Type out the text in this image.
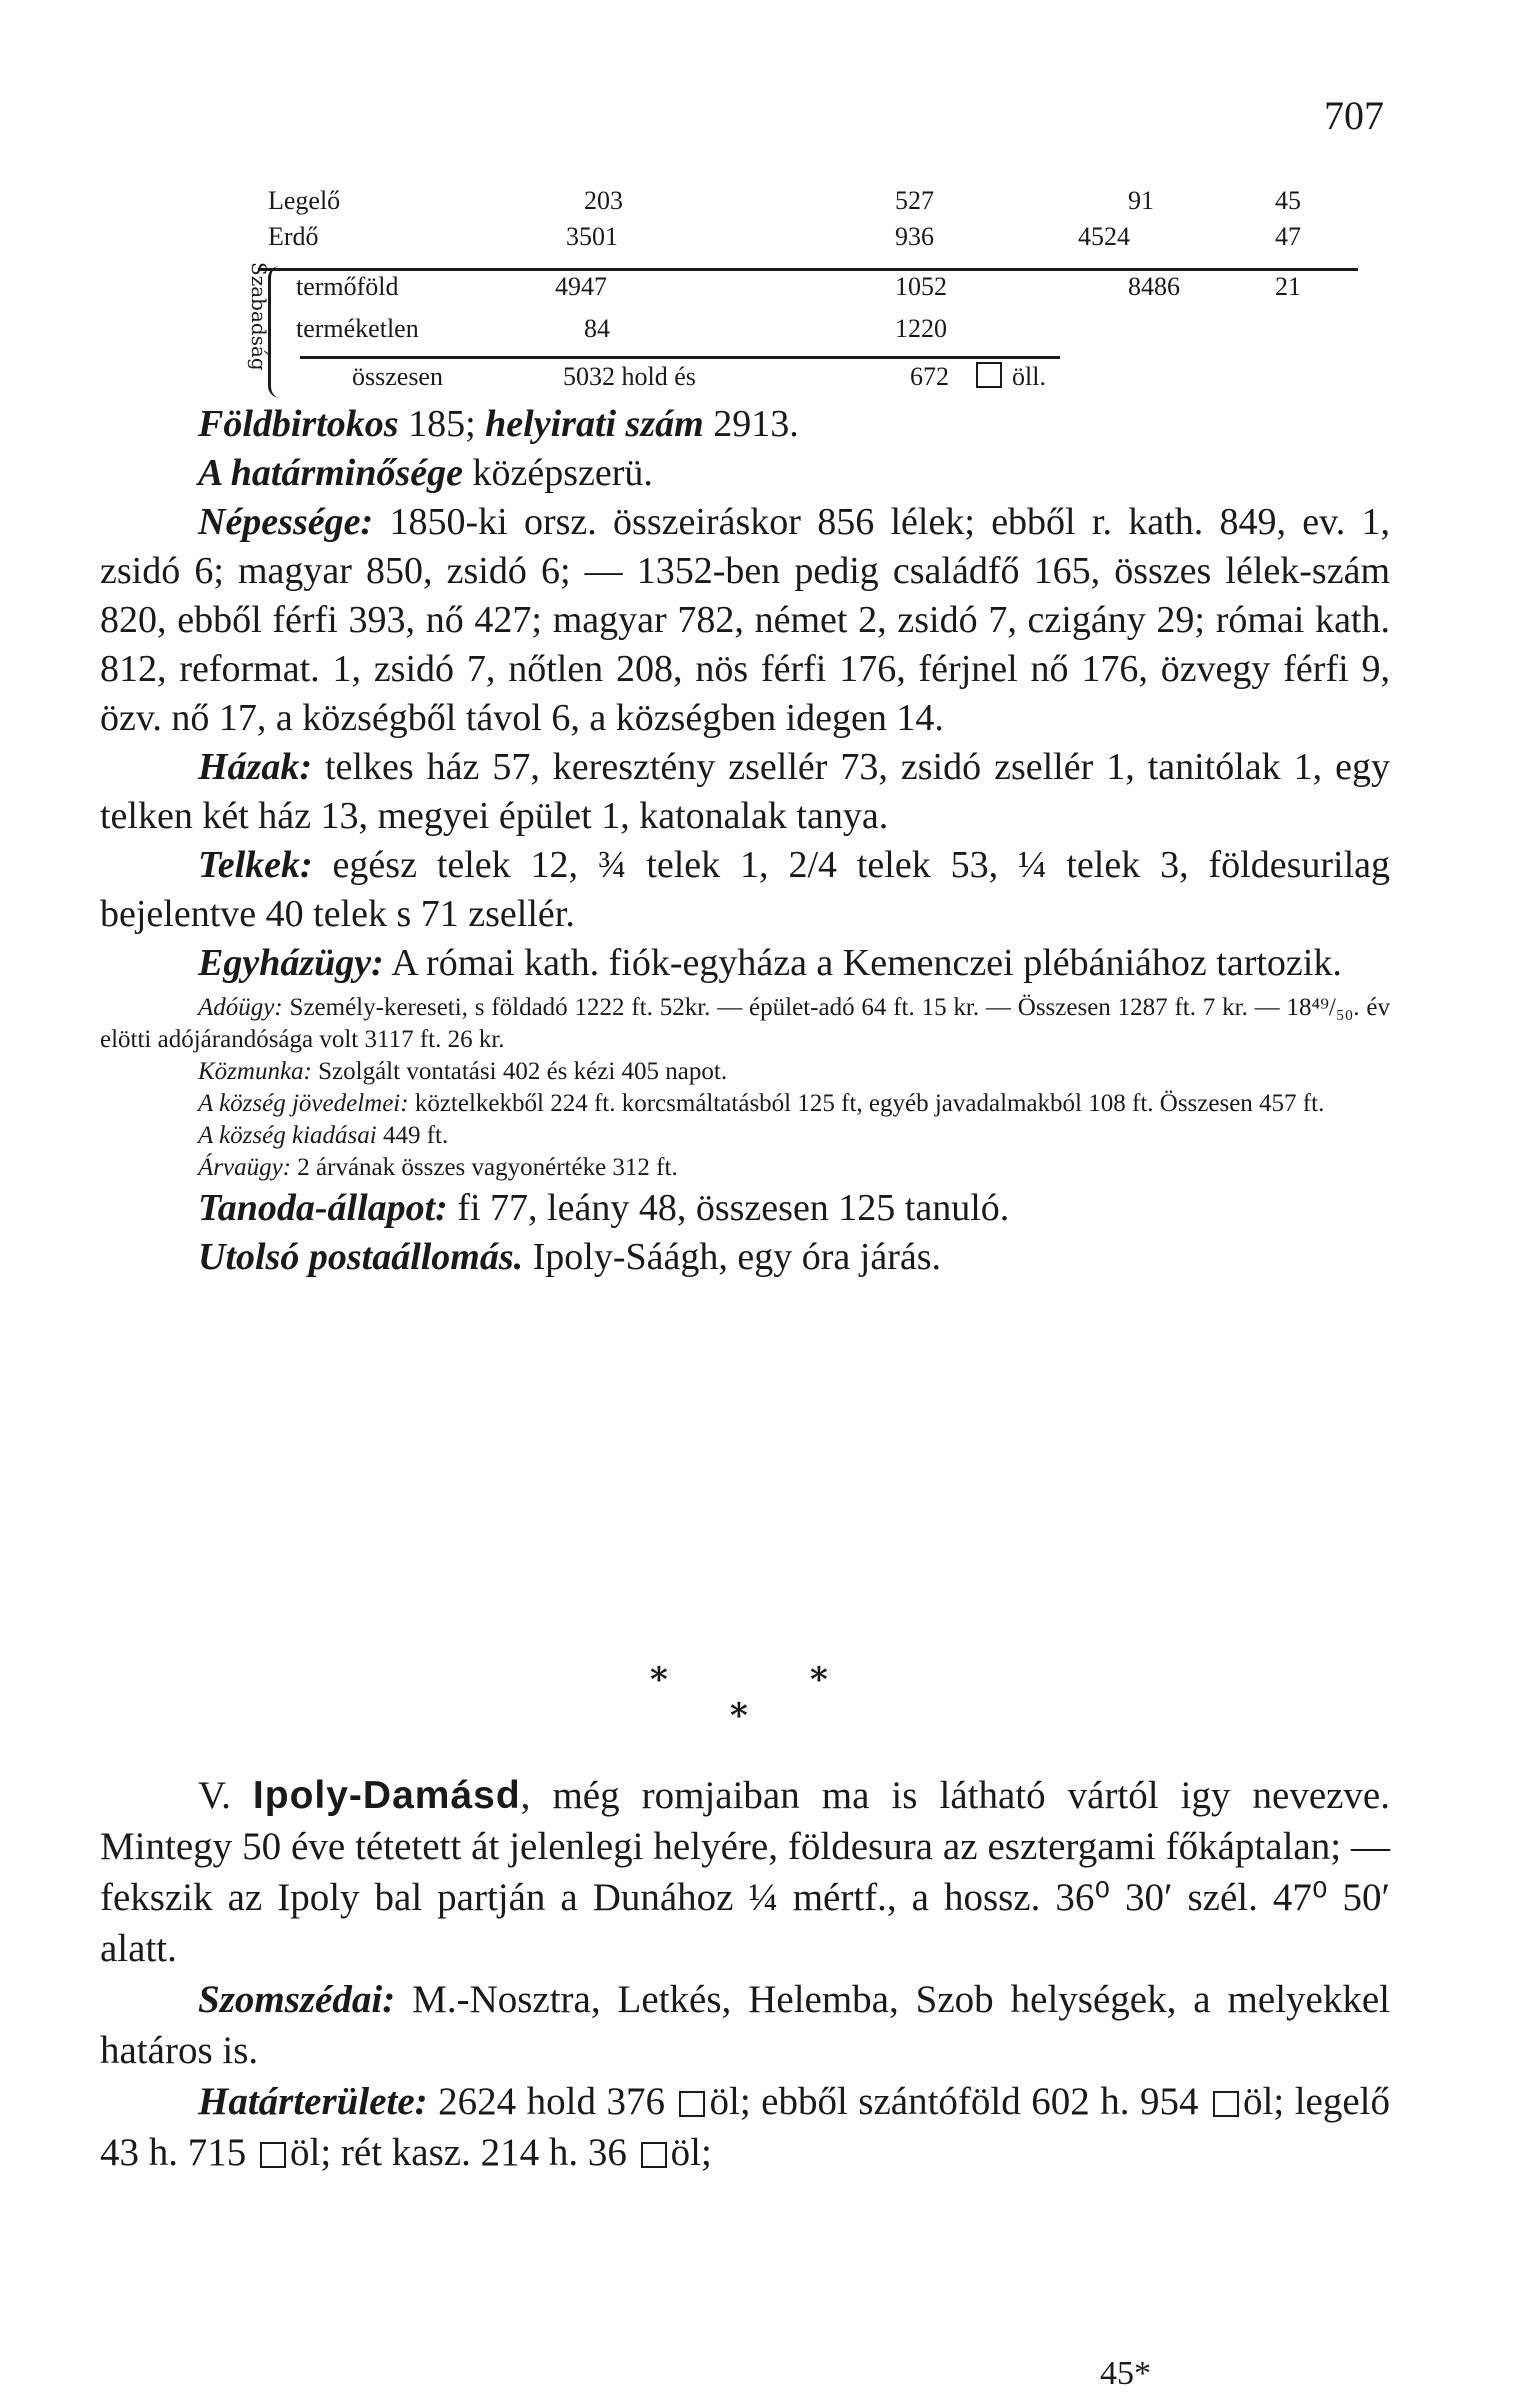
707
Legelő	203	527	91	45
Erdő	3501	936	4524	47
Szabadság termőföld	4947	1052	8486	21
terméketlen	84	1220
összesen	5032 hold és	672 öll.

Földbirtokos 185; helyirati szám 2913.

A határminősége középszerü.

Népessége: 1850-ki orsz. összeiráskor 856 lélek; ebből r. kath. 849, ev. 1, zsidó 6; magyar 850, zsidó 6; — 1352-ben pedig családfő 165, összes lélek-szám 820, ebből férfi 393, nő 427; magyar 782, német 2, zsidó 7, czigány 29; római kath. 812, reformat. 1, zsidó 7, nőtlen 208, nös férfi 176, férjnel nő 176, özvegy férfi 9, özv. nő 17, a községből távol 6, a községben idegen 14.

Házak: telkes ház 57, keresztény zsellér 73, zsidó zsellér 1, tanitólak 1, egy telken két ház 13, megyei épület 1, katonalak tanya.

Telkek: egész telek 12, ¾ telek 1, 2/4 telek 53, ¼ telek 3, földesurilag bejelentve 40 telek s 71 zsellér.

Egyházügy: A római kath. fiók-egyháza a Kemenczei plébániához tartozik.

Adóügy: Személy-kereseti, s földadó 1222 ft. 52kr. — épület-adó 64 ft. 15 kr. — Összesen 1287 ft. 7 kr. — 18⁴⁹/₅₀. év elötti adójárandósága volt 3117 ft. 26 kr.

Közmunka: Szolgált vontatási 402 és kézi 405 napot.

A község jövedelmei: köztelkekből 224 ft. korcsmáltatásból 125 ft, egyéb javadalmakból 108 ft. Összesen 457 ft.

A község kiadásai 449 ft.

Árvaügy: 2 árvának összes vagyonértéke 312 ft.

Tanoda-állapot: fi 77, leány 48, összesen 125 tanuló.

Utolsó postaállomás. Ipoly-Sáágh, egy óra járás.

*	*
*

V. Ipoly-Damásd, még romjaiban ma is látható vártól igy nevezve. Mintegy 50 éve tétetett át jelenlegi helyére, földesura az esztergami főkáptalan; — fekszik az Ipoly bal partján a Dunához ¼ mértf., a hossz. 36⁰ 30′ szél. 47⁰ 50′ alatt.

Szomszédai: M.-Nosztra, Letkés, Helemba, Szob helységek, a melyekkel határos is.

Határterülete: 2624 hold 376 öl; ebből szántóföld 602 h. 954 öl; legelő 43 h. 715 öl; rét kasz. 214 h. 36 öl;

45*
